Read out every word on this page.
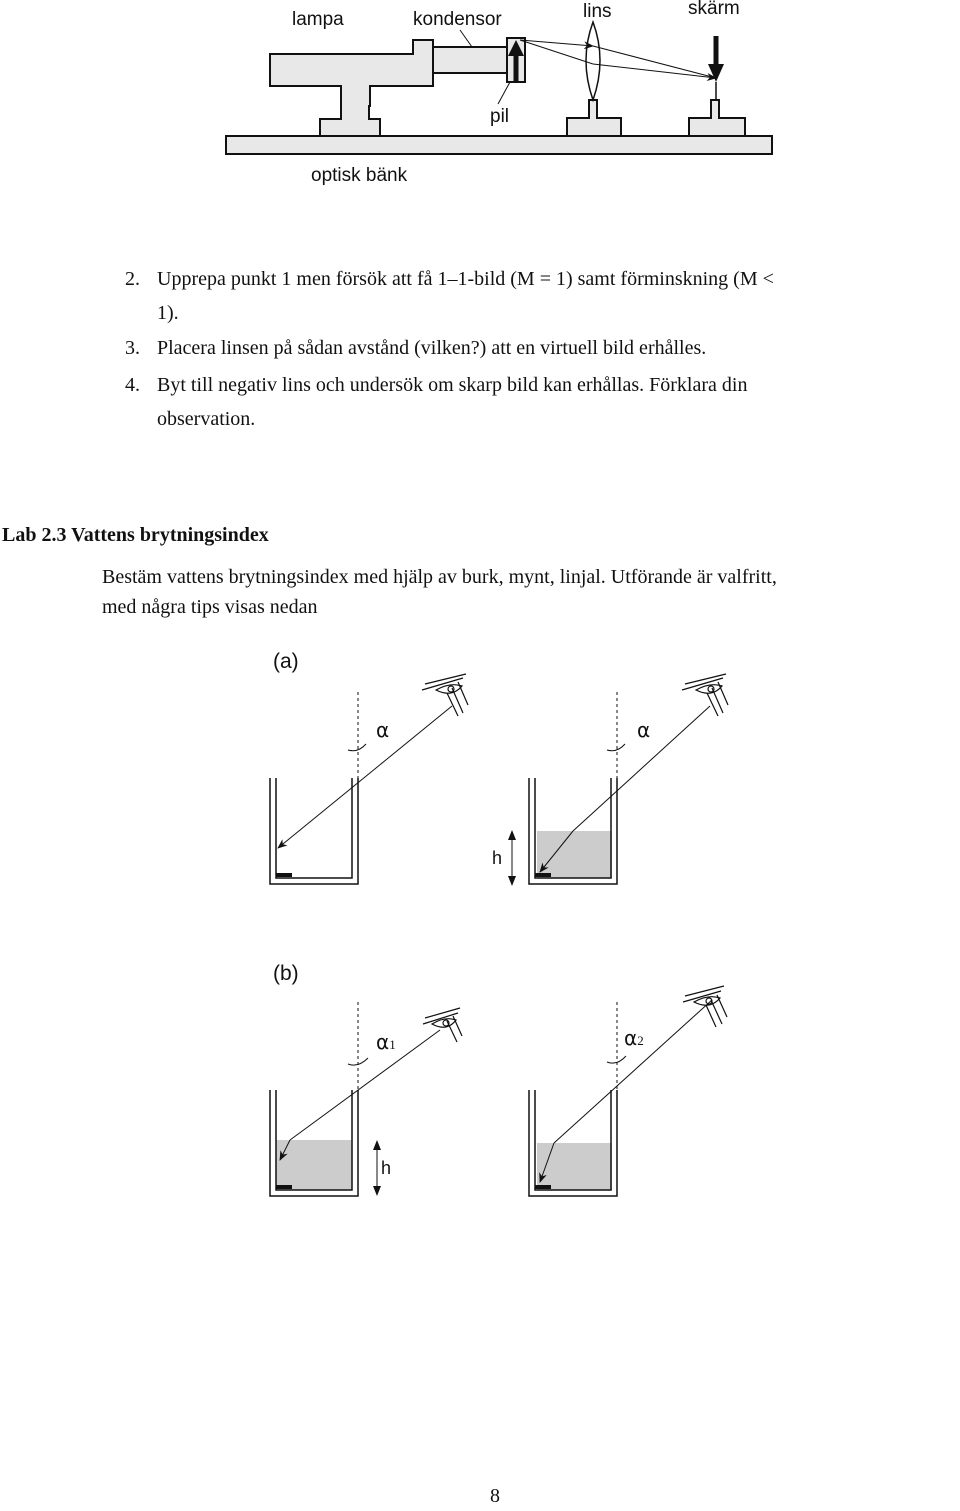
lampa	kondensor	lins	skärm
pil
optisk bänk
2. Upprepa punkt 1 men försök att få 1–1-bild (M = 1) samt förminskning (M <
1).
3. Placera linsen på sådan avstånd (vilken?) att en virtuell bild erhålles.
4. Byt till negativ lins och undersök om skarp bild kan erhållas. Förklara din
observation.
Lab 2.3 Vattens brytningsindex
Bestäm vattens brytningsindex med hjälp av burk, mynt, linjal. Utförande är valfritt,
med några tips visas nedan
(a)
α	α
h
(b)
α1	α2
h
8
